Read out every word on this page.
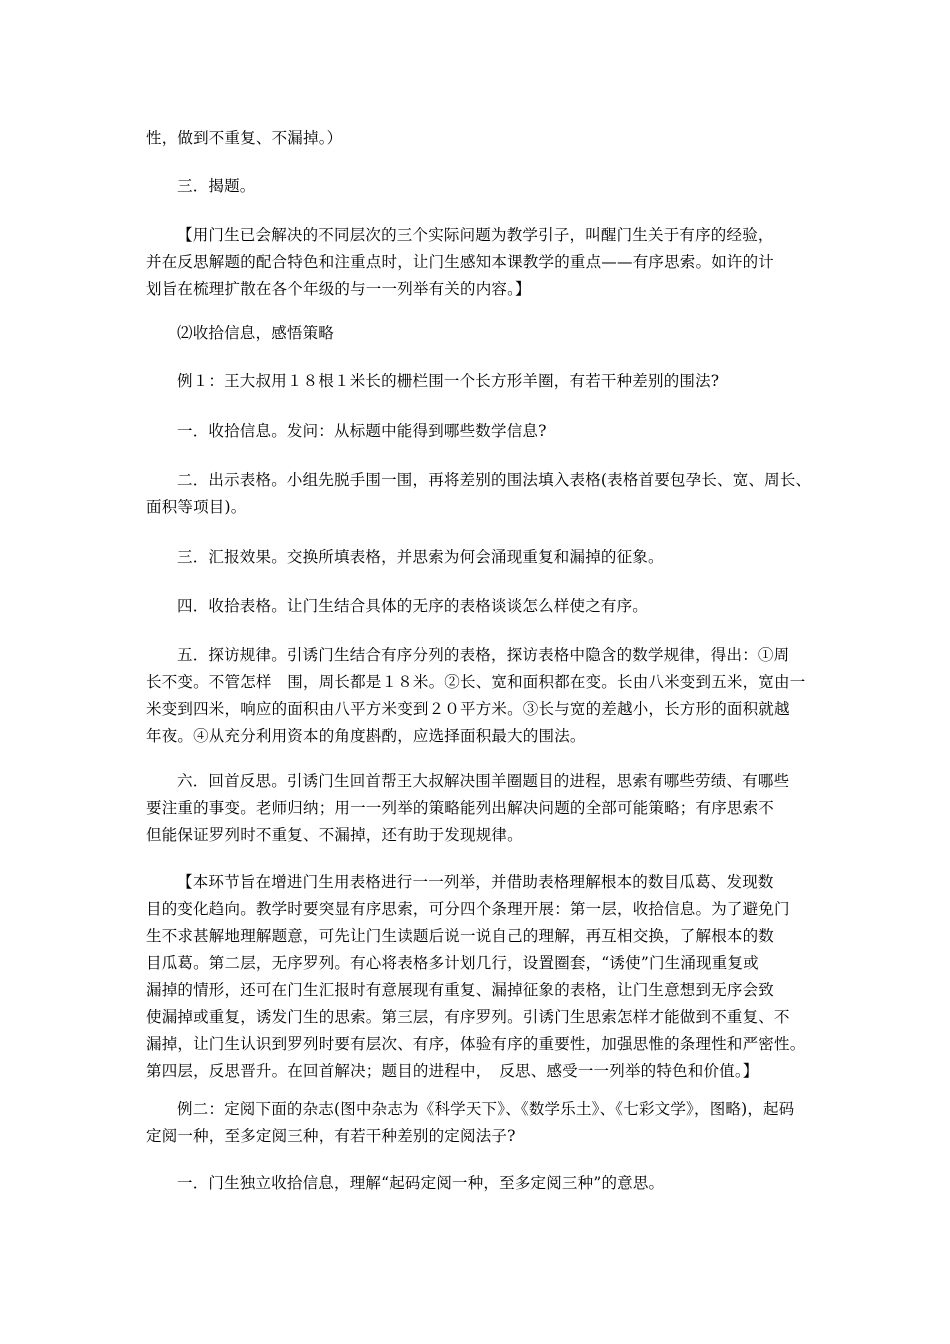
性，做到不重复、不漏掉。）
三．揭题。
【用门生已会解决的不同层次的三个实际问题为教学引子，叫醒门生关于有序的经验，
并在反思解题的配合特色和注重点时，让门生感知本课教学的重点——有序思索。如许的计
划旨在梳理扩散在各个年级的与一一列举有关的内容。】
⑵收拾信息，感悟策略
例１：王大叔用１８根１米长的栅栏围一个长方形羊圈，有若干种差别的围法?
一．收拾信息。发问：从标题中能得到哪些数学信息?
二．出示表格。小组先脱手围一围，再将差别的围法填入表格(表格首要包孕长、宽、周长、
面积等项目)。
三．汇报效果。交换所填表格，并思索为何会涌现重复和漏掉的征象。
四．收拾表格。让门生结合具体的无序的表格谈谈怎么样使之有序。
五．探访规律。引诱门生结合有序分列的表格，探访表格中隐含的数学规律，得出：①周
长不变。不管怎样　围，周长都是１８米。②长、宽和面积都在变。长由八米变到五米，宽由一
米变到四米，响应的面积由八平方米变到２０平方米。③长与宽的差越小，长方形的面积就越
年夜。④从充分利用资本的角度斟酌，应选择面积最大的围法。
六．回首反思。引诱门生回首帮王大叔解决围羊圈题目的进程，思索有哪些劳绩、有哪些
要注重的事变。老师归纳；用一一列举的策略能列出解决问题的全部可能策略；有序思索不
但能保证罗列时不重复、不漏掉，还有助于发现规律。
【本环节旨在增进门生用表格进行一一列举，并借助表格理解根本的数目瓜葛、发现数
目的变化趋向。教学时要突显有序思索，可分四个条理开展：第一层，收拾信息。为了避免门
生不求甚解地理解题意，可先让门生读题后说一说自己的理解，再互相交换，了解根本的数
目瓜葛。第二层，无序罗列。有心将表格多计划几行，设置圈套，“诱使”门生涌现重复或
漏掉的情形，还可在门生汇报时有意展现有重复、漏掉征象的表格，让门生意想到无序会致
使漏掉或重复，诱发门生的思索。第三层，有序罗列。引诱门生思索怎样才能做到不重复、不
漏掉，让门生认识到罗列时要有层次、有序，体验有序的重要性，加强思惟的条理性和严密性。
第四层，反思晋升。在回首解决；题目的进程中，　反思、感受一一列举的特色和价值。】
例二：定阅下面的杂志(图中杂志为《科学天下》、《数学乐土》、《七彩文学》，图略)，起码
定阅一种，至多定阅三种，有若干种差别的定阅法子?
一．门生独立收拾信息，理解“起码定阅一种，至多定阅三种”的意思。
